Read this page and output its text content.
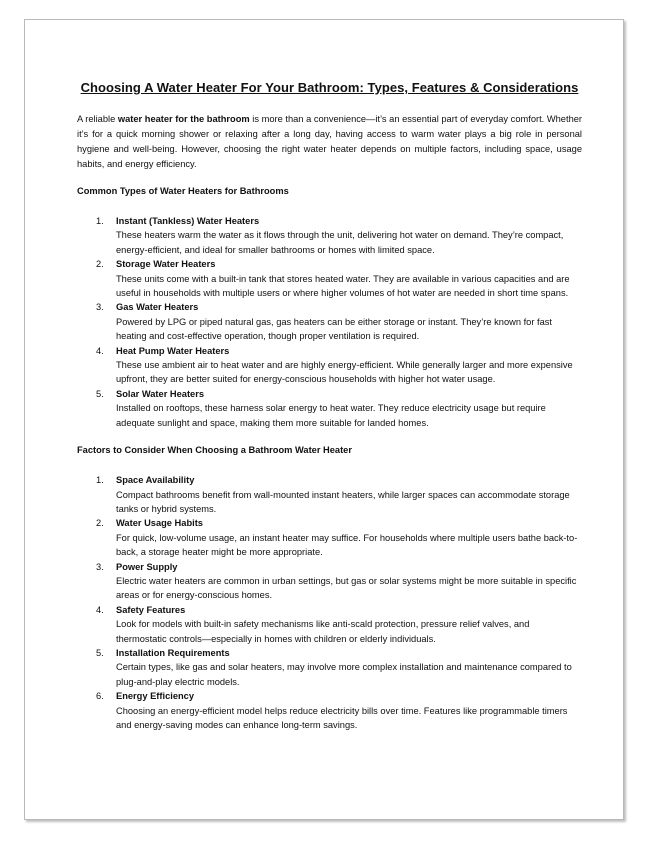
Choosing A Water Heater For Your Bathroom: Types, Features & Considerations

A reliable water heater for the bathroom is more than a convenience—it’s an essential part of everyday comfort. Whether it’s for a quick morning shower or relaxing after a long day, having access to warm water plays a big role in personal hygiene and well-being. However, choosing the right water heater depends on multiple factors, including space, usage habits, and energy efficiency.

Common Types of Water Heaters for Bathrooms
1. Instant (Tankless) Water Heaters
These heaters warm the water as it flows through the unit, delivering hot water on demand. They’re compact, energy-efficient, and ideal for smaller bathrooms or homes with limited space.
2. Storage Water Heaters
These units come with a built-in tank that stores heated water. They are available in various capacities and are useful in households with multiple users or where higher volumes of hot water are needed in short time spans.
3. Gas Water Heaters
Powered by LPG or piped natural gas, gas heaters can be either storage or instant. They’re known for fast heating and cost-effective operation, though proper ventilation is required.
4. Heat Pump Water Heaters
These use ambient air to heat water and are highly energy-efficient. While generally larger and more expensive upfront, they are better suited for energy-conscious households with higher hot water usage.
5. Solar Water Heaters
Installed on rooftops, these harness solar energy to heat water. They reduce electricity usage but require adequate sunlight and space, making them more suitable for landed homes.
Factors to Consider When Choosing a Bathroom Water Heater
1. Space Availability
Compact bathrooms benefit from wall-mounted instant heaters, while larger spaces can accommodate storage tanks or hybrid systems.
2. Water Usage Habits
For quick, low-volume usage, an instant heater may suffice. For households where multiple users bathe back-to-back, a storage heater might be more appropriate.
3. Power Supply
Electric water heaters are common in urban settings, but gas or solar systems might be more suitable in specific areas or for energy-conscious homes.
4. Safety Features
Look for models with built-in safety mechanisms like anti-scald protection, pressure relief valves, and thermostatic controls—especially in homes with children or elderly individuals.
5. Installation Requirements
Certain types, like gas and solar heaters, may involve more complex installation and maintenance compared to plug-and-play electric models.
6. Energy Efficiency
Choosing an energy-efficient model helps reduce electricity bills over time. Features like programmable timers and energy-saving modes can enhance long-term savings.
